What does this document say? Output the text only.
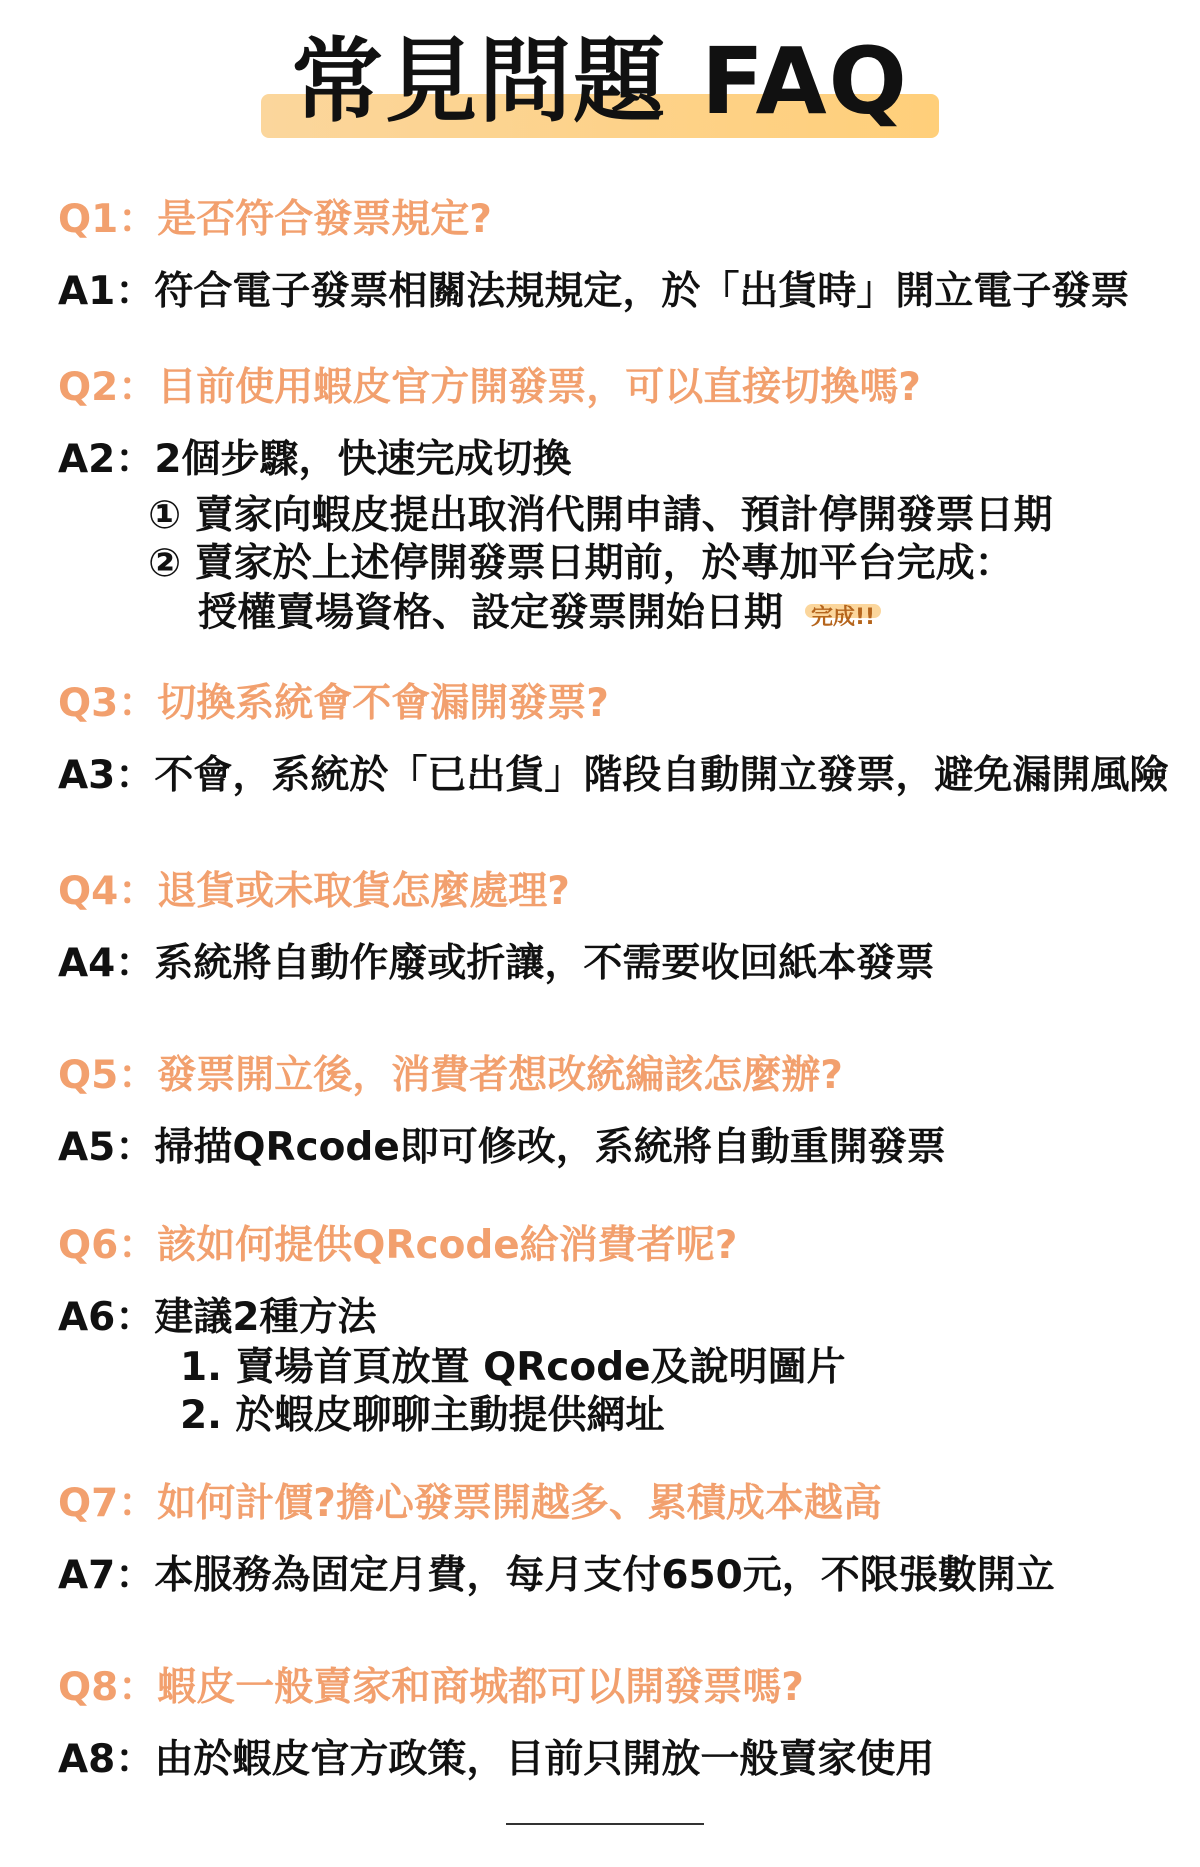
常見問題 FAQ
Q1：是否符合發票規定?
A1：符合電子發票相關法規規定，於「出貨時」開立電子發票
Q2：目前使用蝦皮官方開發票，可以直接切換嗎?
A2：2個步驟，快速完成切換
① 賣家向蝦皮提出取消代開申請、預計停開發票日期
② 賣家於上述停開發票日期前，於專加平台完成：
授權賣場資格、設定發票開始日期 完成!!
Q3：切換系統會不會漏開發票?
A3：不會，系統於「已出貨」階段自動開立發票，避免漏開風險
Q4：退貨或未取貨怎麼處理?
A4：系統將自動作廢或折讓，不需要收回紙本發票
Q5：發票開立後，消費者想改統編該怎麼辦?
A5：掃描QRcode即可修改，系統將自動重開發票
Q6：該如何提供QRcode給消費者呢?
A6：建議2種方法
1. 賣場首頁放置 QRcode及說明圖片
2. 於蝦皮聊聊主動提供網址
Q7：如何計價?擔心發票開越多、累積成本越高
A7：本服務為固定月費，每月支付650元，不限張數開立
Q8：蝦皮一般賣家和商城都可以開發票嗎?
A8：由於蝦皮官方政策，目前只開放一般賣家使用
